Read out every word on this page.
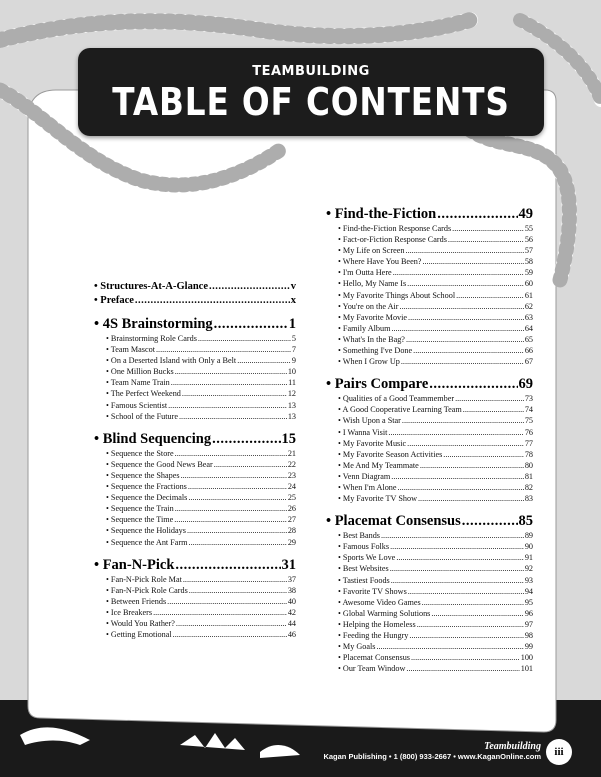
TEAMBUILDING
TABLE OF CONTENTS
• Structures-At-A-Glance .....	v
• Preface .....	x
• 4S Brainstorming .....	1
• Brainstorming Role Cards .....	5
• Team Mascot .....	7
• On a Deserted Island with Only a Belt .....	9
• One Million Bucks .....	10
• Team Name Train .....	11
• The Perfect Weekend .....	12
• Famous Scientist .....	13
• School of the Future .....	13
• Blind Sequencing .....	15
• Sequence the Store .....	21
• Sequence the Good News Bear .....	22
• Sequence the Shapes .....	23
• Sequence the Fractions .....	24
• Sequence the Decimals .....	25
• Sequence the Train .....	26
• Sequence the Time .....	27
• Sequence the Holidays .....	28
• Sequence the Ant Farm .....	29
• Fan-N-Pick .....	31
• Fan-N-Pick Role Mat .....	37
• Fan-N-Pick Role Cards .....	38
• Between Friends .....	40
• Ice Breakers .....	42
• Would You Rather? .....	44
• Getting Emotional .....	46
• Find-the-Fiction .....	49
• Find-the-Fiction Response Cards .....	55
• Fact-or-Fiction Response Cards .....	56
• My Life on Screen .....	57
• Where Have You Been? .....	58
• I'm Outta Here .....	59
• Hello, My Name Is .....	60
• My Favorite Things About School .....	61
• You're on the Air .....	62
• My Favorite Movie .....	63
• Family Album .....	64
• What's In the Bag? .....	65
• Something I've Done .....	66
• When I Grow Up .....	67
• Pairs Compare .....	69
• Qualities of a Good Teammember .....	73
• A Good Cooperative Learning Team .....	74
• Wish Upon a Star .....	75
• I Wanna Visit .....	76
• My Favorite Music .....	77
• My Favorite Season Activities .....	78
• Me And My Teammate .....	80
• Venn Diagram .....	81
• When I'm Alone .....	82
• My Favorite TV Show .....	83
• Placemat Consensus .....	85
• Best Bands .....	89
• Famous Folks .....	90
• Sports We Love .....	91
• Best Websites .....	92
• Tastiest Foods .....	93
• Favorite TV Shows .....	94
• Awesome Video Games .....	95
• Global Warming Solutions .....	96
• Helping the Homeless .....	97
• Feeding the Hungry .....	98
• My Goals .....	99
• Placemat Consensus .....	100
• Our Team Window .....	101
Teambuilding
Kagan Publishing • 1 (800) 933-2667 • www.KaganOnline.com	iii
